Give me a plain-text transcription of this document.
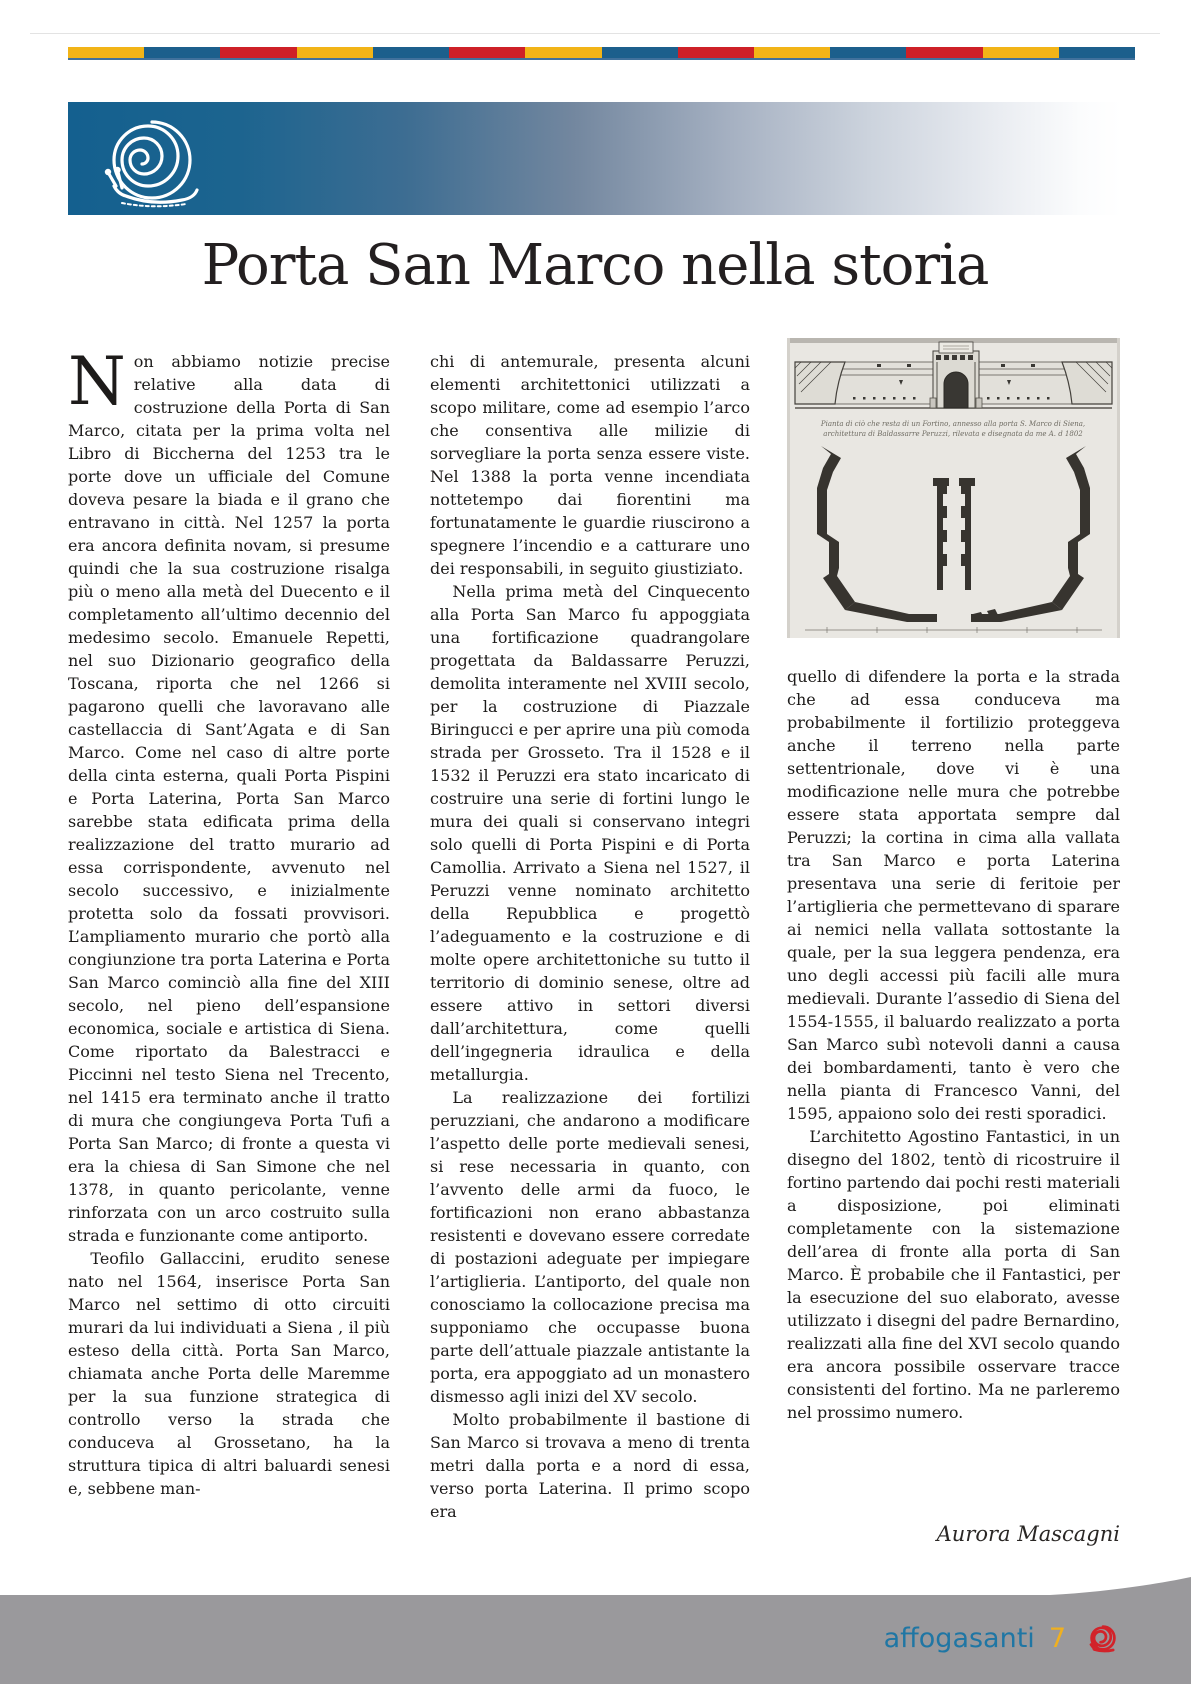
Porta San Marco nella storia

Non abbiamo notizie precise relative alla data di costruzione della Porta di San Marco, citata per la prima volta nel Libro di Biccherna del 1253 tra le porte dove un ufficiale del Comune doveva pesare la biada e il grano che entravano in città. Nel 1257 la porta era ancora definita novam, si presume quindi che la sua costruzione risalga più o meno alla metà del Duecento e il completamento all’ultimo decennio del medesimo secolo. Emanuele Repetti, nel suo Dizionario geografico della Toscana, riporta che nel 1266 si pagarono quelli che lavoravano alle castellaccia di Sant’Agata e di San Marco. Come nel caso di altre porte della cinta esterna, quali Porta Pispini e Porta Laterina, Porta San Marco sarebbe stata edificata prima della realizzazione del tratto murario ad essa corrispondente, avvenuto nel secolo successivo, e inizialmente protetta solo da fossati provvisori. L’ampliamento murario che portò alla congiunzione tra porta Laterina e Porta San Marco cominciò alla fine del XIII secolo, nel pieno dell’espansione economica, sociale e artistica di Siena. Come riportato da Balestracci e Piccinni nel testo Siena nel Trecento, nel 1415 era terminato anche il tratto di mura che congiungeva Porta Tufi a Porta San Marco; di fronte a questa vi era la chiesa di San Simone che nel 1378, in quanto pericolante, venne rinforzata con un arco costruito sulla strada e funzionante come antiporto.

Teofilo Gallaccini, erudito senese nato nel 1564, inserisce Porta San Marco nel settimo di otto circuiti murari da lui individuati a Siena , il più esteso della città. Porta San Marco, chiamata anche Porta delle Maremme per la sua funzione strategica di controllo verso la strada che conduceva al Grossetano, ha la struttura tipica di altri baluardi senesi e, sebbene man-

chi di antemurale, presenta alcuni elementi architettonici utilizzati a scopo militare, come ad esempio l’arco che consentiva alle milizie di sorvegliare la porta senza essere viste. Nel 1388 la porta venne incendiata nottetempo dai fiorentini ma fortunatamente le guardie riuscirono a spegnere l’incendio e a catturare uno dei responsabili, in seguito giustiziato.

Nella prima metà del Cinquecento alla Porta San Marco fu appoggiata una fortificazione quadrangolare progettata da Baldassarre Peruzzi, demolita interamente nel XVIII secolo, per la costruzione di Piazzale Biringucci e per aprire una più comoda strada per Grosseto. Tra il 1528 e il 1532 il Peruzzi era stato incaricato di costruire una serie di fortini lungo le mura dei quali si conservano integri solo quelli di Porta Pispini e di Porta Camollia. Arrivato a Siena nel 1527, il Peruzzi venne nominato architetto della Repubblica e progettò l’adeguamento e la costruzione e di molte opere architettoniche su tutto il territorio di dominio senese, oltre ad essere attivo in settori diversi dall’architettura, come quelli dell’ingegneria idraulica e della metallurgia.

La realizzazione dei fortilizi peruzziani, che andarono a modificare l’aspetto delle porte medievali senesi, si rese necessaria in quanto, con l’avvento delle armi da fuoco, le fortificazioni non erano abbastanza resistenti e dovevano essere corredate di postazioni adeguate per impiegare l’artiglieria. L’antiporto, del quale non conosciamo la collocazione precisa ma supponiamo che occupasse buona parte dell’attuale piazzale antistante la porta, era appoggiato ad un monastero dismesso agli inizi del XV secolo.

Molto probabilmente il bastione di San Marco si trovava a meno di trenta metri dalla porta e a nord di essa, verso porta Laterina. Il primo scopo era

Pianta di ciò che resta di un Fortino, annesso alla porta S. Marco di Siena,
architettura di Baldassarre Peruzzi, rilevata e disegnata da me A. d 1802

quello di difendere la porta e la strada che ad essa conduceva ma probabilmente il fortilizio proteggeva anche il terreno nella parte settentrionale, dove vi è una modificazione nelle mura che potrebbe essere stata apportata sempre dal Peruzzi; la cortina in cima alla vallata tra San Marco e porta Laterina presentava una serie di feritoie per l’artiglieria che permettevano di sparare ai nemici nella vallata sottostante la quale, per la sua leggera pendenza, era uno degli accessi più facili alle mura medievali. Durante l’assedio di Siena del 1554-1555, il baluardo realizzato a porta San Marco subì notevoli danni a causa dei bombardamenti, tanto è vero che nella pianta di Francesco Vanni, del 1595, appaiono solo dei resti sporadici.

L’architetto Agostino Fantastici, in un disegno del 1802, tentò di ricostruire il fortino partendo dai pochi resti materiali a disposizione, poi eliminati completamente con la sistemazione dell’area di fronte alla porta di San Marco. È probabile che il Fantastici, per la esecuzione del suo elaborato, avesse utilizzato i disegni del padre Bernardino, realizzati alla fine del XVI secolo quando era ancora possibile osservare tracce consistenti del fortino. Ma ne parleremo nel prossimo numero.

Aurora Mascagni
affogasanti 7
